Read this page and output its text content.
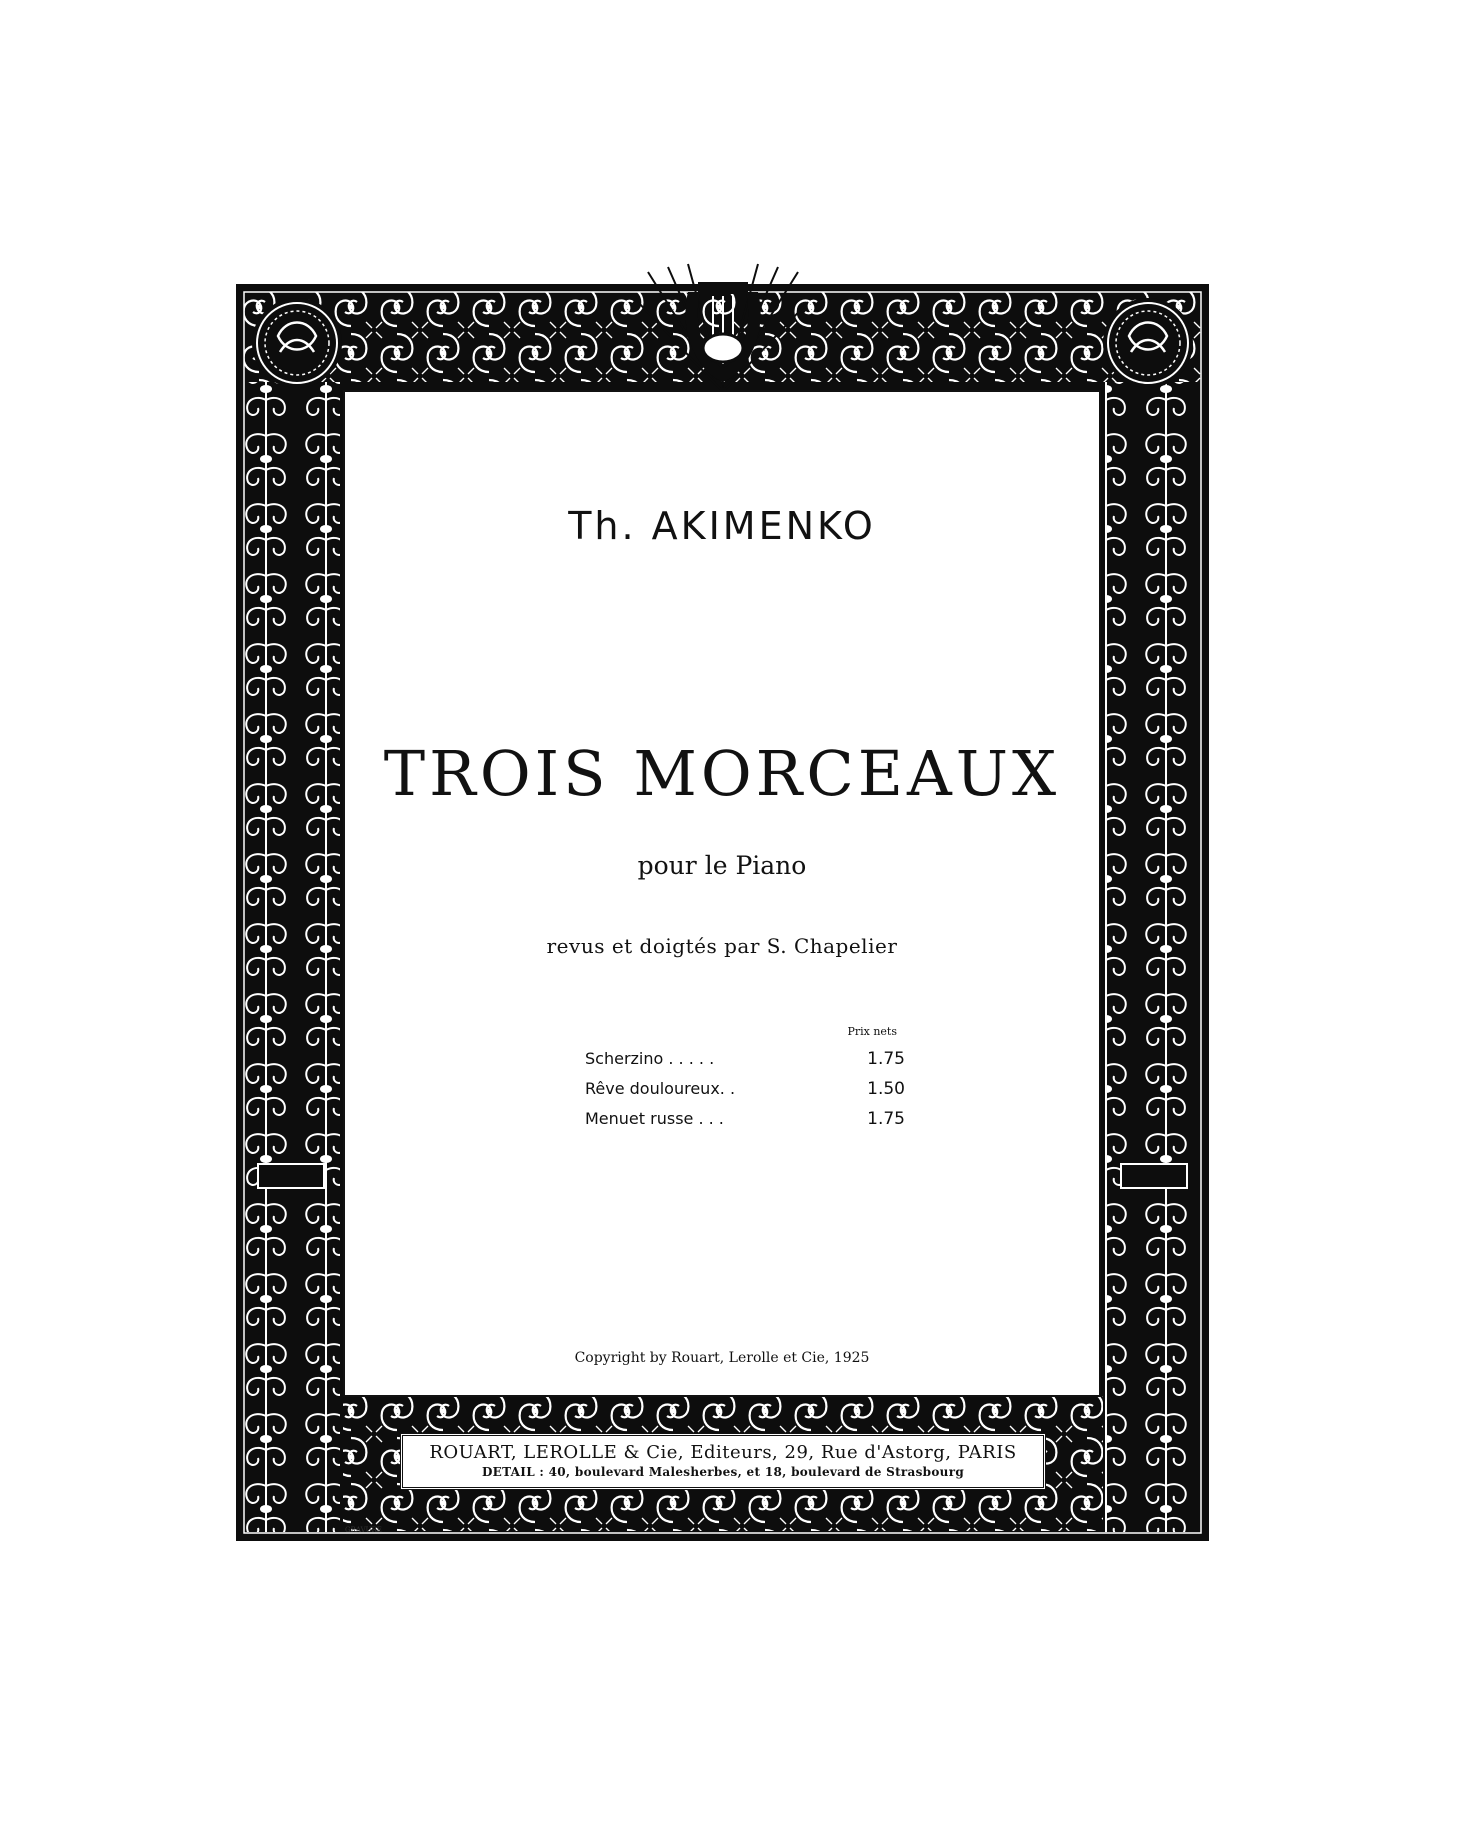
Th. AKIMENKO
TROIS MORCEAUX
pour le Piano
revus et doigtés par S. Chapelier
Prix nets
Scherzino . . . . .	1.75
Rêve douloureux. .	1.50
Menuet russe . . .	1.75
Copyright by Rouart, Lerolle et Cie, 1925
ROUART, LEROLLE & Cie, Editeurs, 29, Rue d'Astorg, PARIS
DETAIL : 40, boulevard Malesherbes, et 18, boulevard de Strasbourg
GRAVURE
